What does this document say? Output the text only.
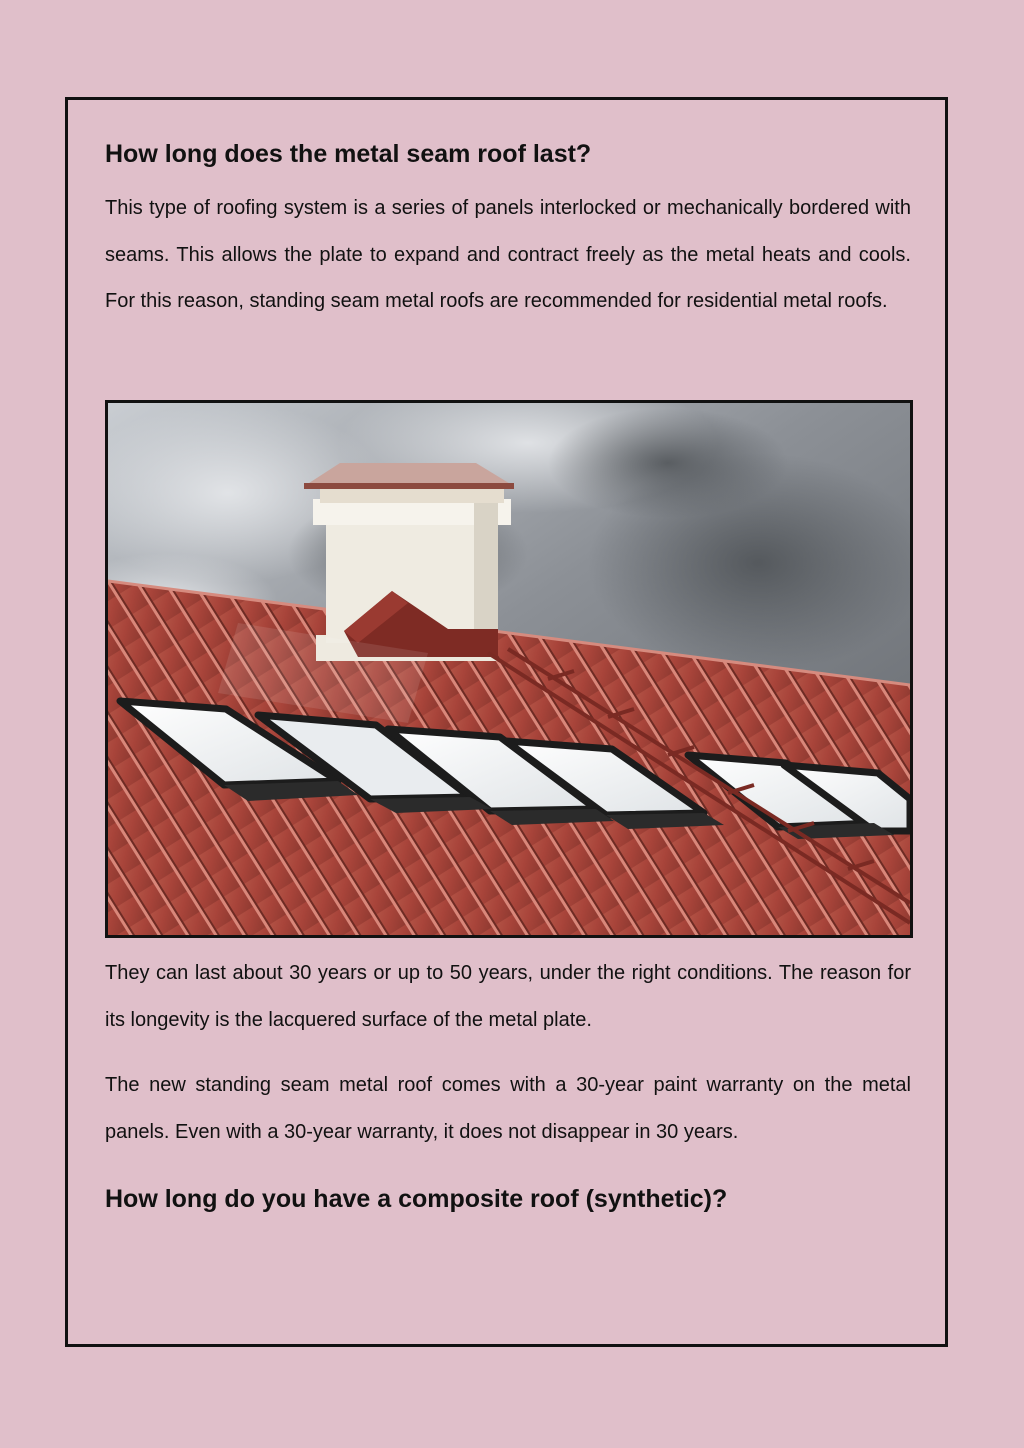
How long does the metal seam roof last?

This type of roofing system is a series of panels interlocked or mechanically bordered with seams. This allows the plate to expand and contract freely as the metal heats and cools. For this reason, standing seam metal roofs are recommended for residential metal roofs.

They can last about 30 years or up to 50 years, under the right conditions. The reason for its longevity is the lacquered surface of the metal plate.

The new standing seam metal roof comes with a 30-year paint warranty on the metal panels. Even with a 30-year warranty, it does not disappear in 30 years.

How long do you have a composite roof (synthetic)?
